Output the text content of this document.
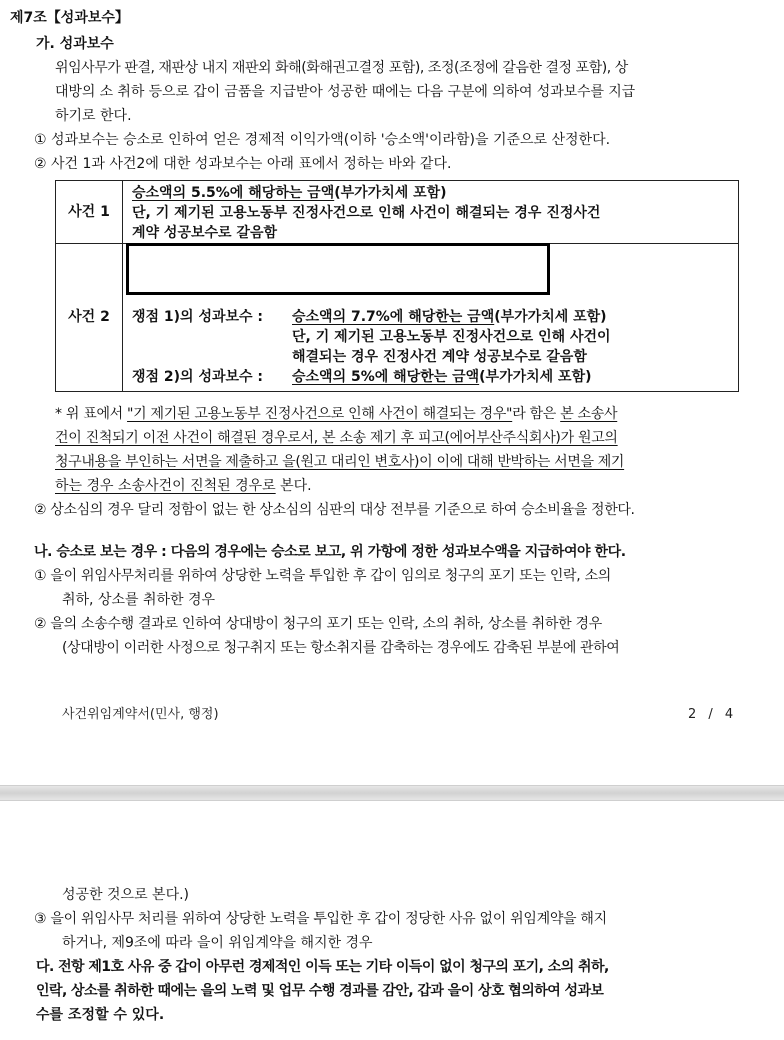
제7조【성과보수】
가. 성과보수
위임사무가 판결, 재판상 내지 재판외 화해(화해권고결정 포함), 조정(조정에 갈음한 결정 포함), 상
대방의 소 취하 등으로 갑이 금품을 지급받아 성공한 때에는 다음 구분에 의하여 성과보수를 지급
하기로 한다.
① 성과보수는 승소로 인하여 얻은 경제적 이익가액(이하 '승소액'이라함)을 기준으로 산정한다.
② 사건 1과 사건2에 대한 성과보수는 아래 표에서 정하는 바와 같다.
사건 1
승소액의 5.5%에 해당하는 금액(부가가치세 포함)
단, 기 제기된 고용노동부 진정사건으로 인해 사건이 해결되는 경우 진정사건
계약 성공보수로 갈음함
사건 2	쟁점 1)의 성과보수 : 승소액의 7.7%에 해당한는 금액(부가가치세 포함)
단, 기 제기된 고용노동부 진정사건으로 인해 사건이
해결되는 경우 진정사건 계약 성공보수로 갈음함
쟁점 2)의 성과보수 : 승소액의 5%에 해당한는 금액(부가가치세 포함)
* 위 표에서 "기 제기된 고용노동부 진정사건으로 인해 사건이 해결되는 경우"라 함은 본 소송사
건이 진척되기 이전 사건이 해결된 경우로서, 본 소송 제기 후 피고(에어부산주식회사)가 원고의
청구내용을 부인하는 서면을 제출하고 을(원고 대리인 변호사)이 이에 대해 반박하는 서면을 제기
하는 경우 소송사건이 진척된 경우로 본다.
② 상소심의 경우 달리 정함이 없는 한 상소심의 심판의 대상 전부를 기준으로 하여 승소비율을 정한다.
나. 승소로 보는 경우 : 다음의 경우에는 승소로 보고, 위 가항에 정한 성과보수액을 지급하여야 한다.
① 을이 위임사무처리를 위하여 상당한 노력을 투입한 후 갑이 임의로 청구의 포기 또는 인락, 소의
취하, 상소를 취하한 경우
② 을의 소송수행 결과로 인하여 상대방이 청구의 포기 또는 인락, 소의 취하, 상소를 취하한 경우
(상대방이 이러한 사정으로 청구취지 또는 항소취지를 감축하는 경우에도 감축된 부분에 관하여
사건위임계약서(민사, 행정)	2 / 4
성공한 것으로 본다.)
③ 을이 위임사무 처리를 위하여 상당한 노력을 투입한 후 갑이 정당한 사유 없이 위임계약을 해지
하거나, 제9조에 따라 을이 위임계약을 해지한 경우
다. 전항 제1호 사유 중 갑이 아무런 경제적인 이득 또는 기타 이득이 없이 청구의 포기, 소의 취하,
인락, 상소를 취하한 때에는 을의 노력 및 업무 수행 경과를 감안, 갑과 을이 상호 협의하여 성과보
수를 조정할 수 있다.
